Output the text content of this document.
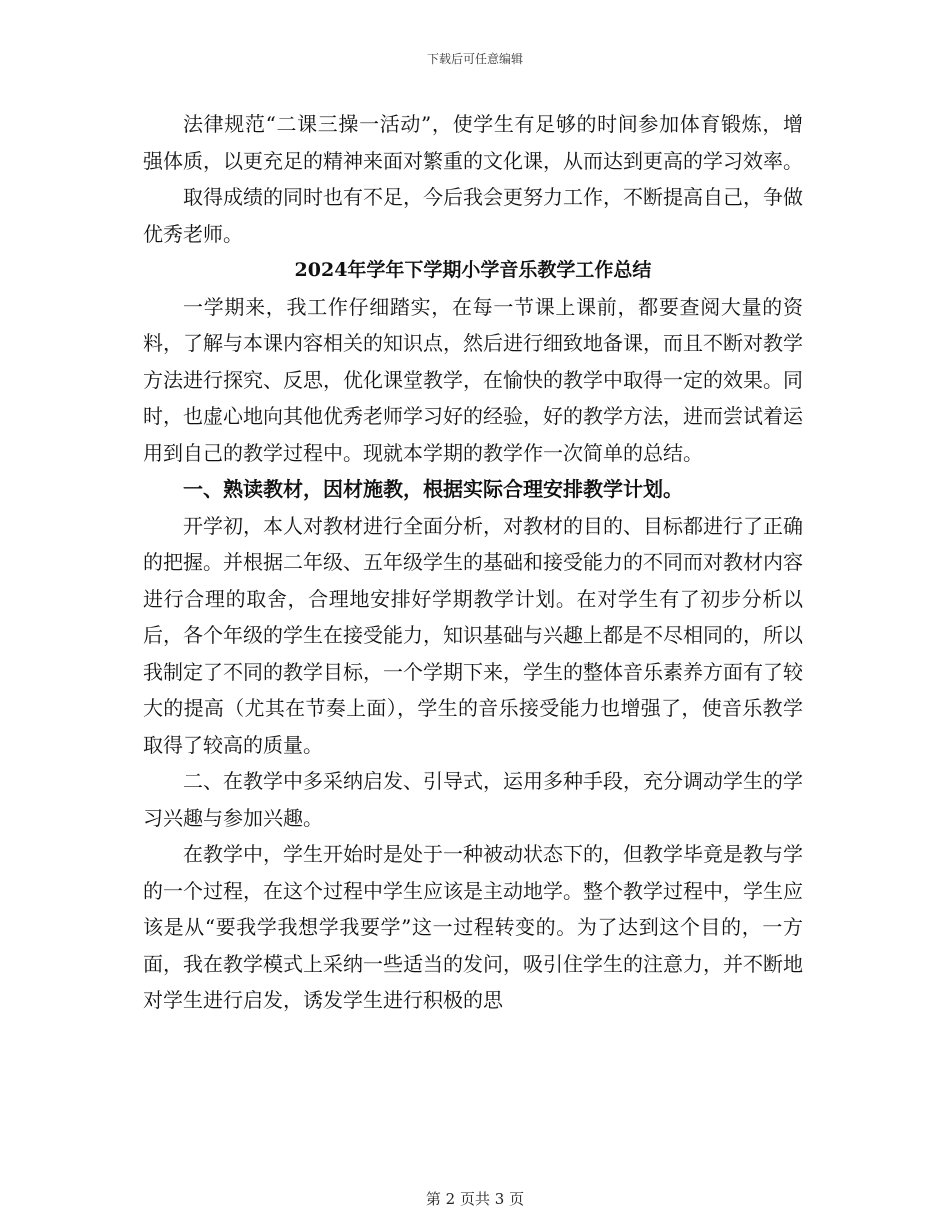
下载后可任意编辑

法律规范“二课三操一活动”，使学生有足够的时间参加体育锻炼，增强体质，以更充足的精神来面对繁重的文化课，从而达到更高的学习效率。

取得成绩的同时也有不足，今后我会更努力工作，不断提高自己，争做优秀老师。

2024年学年下学期小学音乐教学工作总结

一学期来，我工作仔细踏实，在每一节课上课前，都要查阅大量的资料，了解与本课内容相关的知识点，然后进行细致地备课，而且不断对教学方法进行探究、反思，优化课堂教学，在愉快的教学中取得一定的效果。同时，也虚心地向其他优秀老师学习好的经验，好的教学方法，进而尝试着运用到自己的教学过程中。现就本学期的教学作一次简单的总结。

一、熟读教材，因材施教，根据实际合理安排教学计划。

开学初，本人对教材进行全面分析，对教材的目的、目标都进行了正确的把握。并根据二年级、五年级学生的基础和接受能力的不同而对教材内容进行合理的取舍，合理地安排好学期教学计划。在对学生有了初步分析以后，各个年级的学生在接受能力，知识基础与兴趣上都是不尽相同的，所以我制定了不同的教学目标，一个学期下来，学生的整体音乐素养方面有了较大的提高（尤其在节奏上面），学生的音乐接受能力也增强了，使音乐教学取得了较高的质量。

二、在教学中多采纳启发、引导式，运用多种手段，充分调动学生的学习兴趣与参加兴趣。

在教学中，学生开始时是处于一种被动状态下的，但教学毕竟是教与学的一个过程，在这个过程中学生应该是主动地学。整个教学过程中，学生应该是从“要我学我想学我要学”这一过程转变的。为了达到这个目的，一方面，我在教学模式上采纳一些适当的发问，吸引住学生的注意力，并不断地对学生进行启发，诱发学生进行积极的思

第 2 页共 3 页
